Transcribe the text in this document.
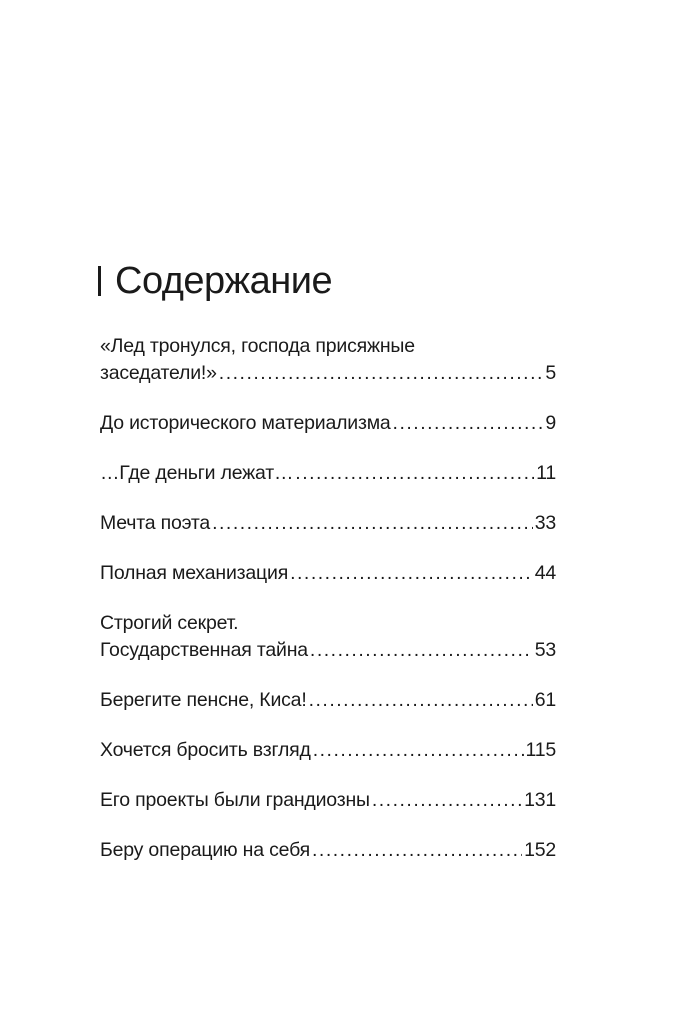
Содержание
«Лед тронулся, господа присяжные
заседатели!» .....	5
До исторического материализма .....	9
…Где деньги лежат… .....	11
Мечта поэта .....	33
Полная механизация .....	44
Строгий секрет.
Государственная тайна .....	53
Берегите пенсне, Киса! .....	61
Хочется бросить взгляд .....	115
Его проекты были грандиозны .....	131
Беру операцию на себя .....	152
